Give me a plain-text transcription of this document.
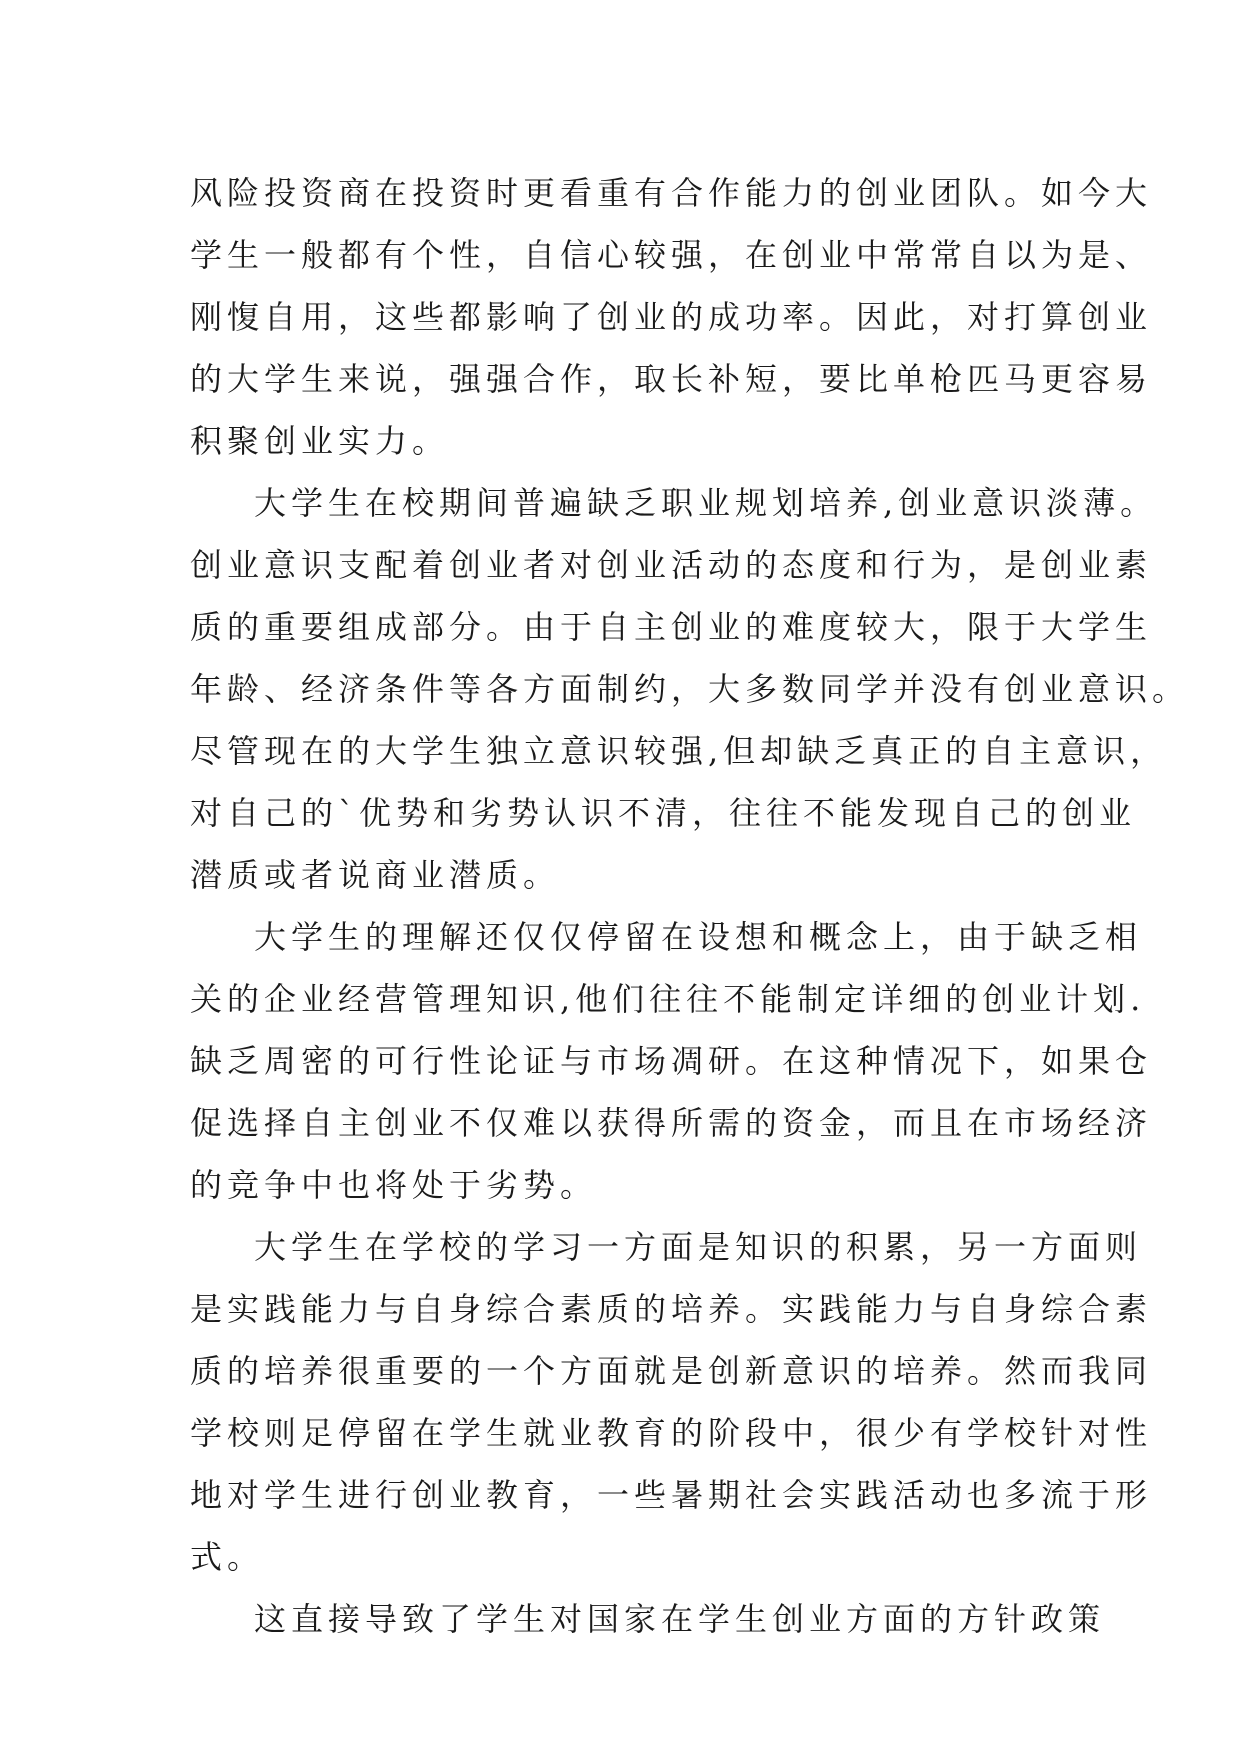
风险投资商在投资时更看重有合作能力的创业团队。如今大
学生一般都有个性，自信心较强，在创业中常常自以为是、
刚愎自用，这些都影响了创业的成功率。因此，对打算创业
的大学生来说，强强合作，取长补短，要比单枪匹马更容易
积聚创业实力。
大学生在校期间普遍缺乏职业规划培养,创业意识淡薄。
创业意识支配着创业者对创业活动的态度和行为，是创业素
质的重要组成部分。由于自主创业的难度较大，限于大学生
年龄、经济条件等各方面制约，大多数同学并没有创业意识。
尽管现在的大学生独立意识较强,但却缺乏真正的自主意识，
对自己的`优势和劣势认识不清，往往不能发现自己的创业
潜质或者说商业潜质。
大学生的理解还仅仅停留在设想和概念上，由于缺乏相
关的企业经营管理知识,他们往往不能制定详细的创业计划.
缺乏周密的可行性论证与市场凋研。在这种情况下，如果仓
促选择自主创业不仅难以获得所需的资金，而且在市场经济
的竞争中也将处于劣势。
大学生在学校的学习一方面是知识的积累，另一方面则
是实践能力与自身综合素质的培养。实践能力与自身综合素
质的培养很重要的一个方面就是创新意识的培养。然而我同
学校则足停留在学生就业教育的阶段中，很少有学校针对性
地对学生进行创业教育，一些暑期社会实践活动也多流于形
式。
这直接导致了学生对国家在学生创业方面的方针政策
